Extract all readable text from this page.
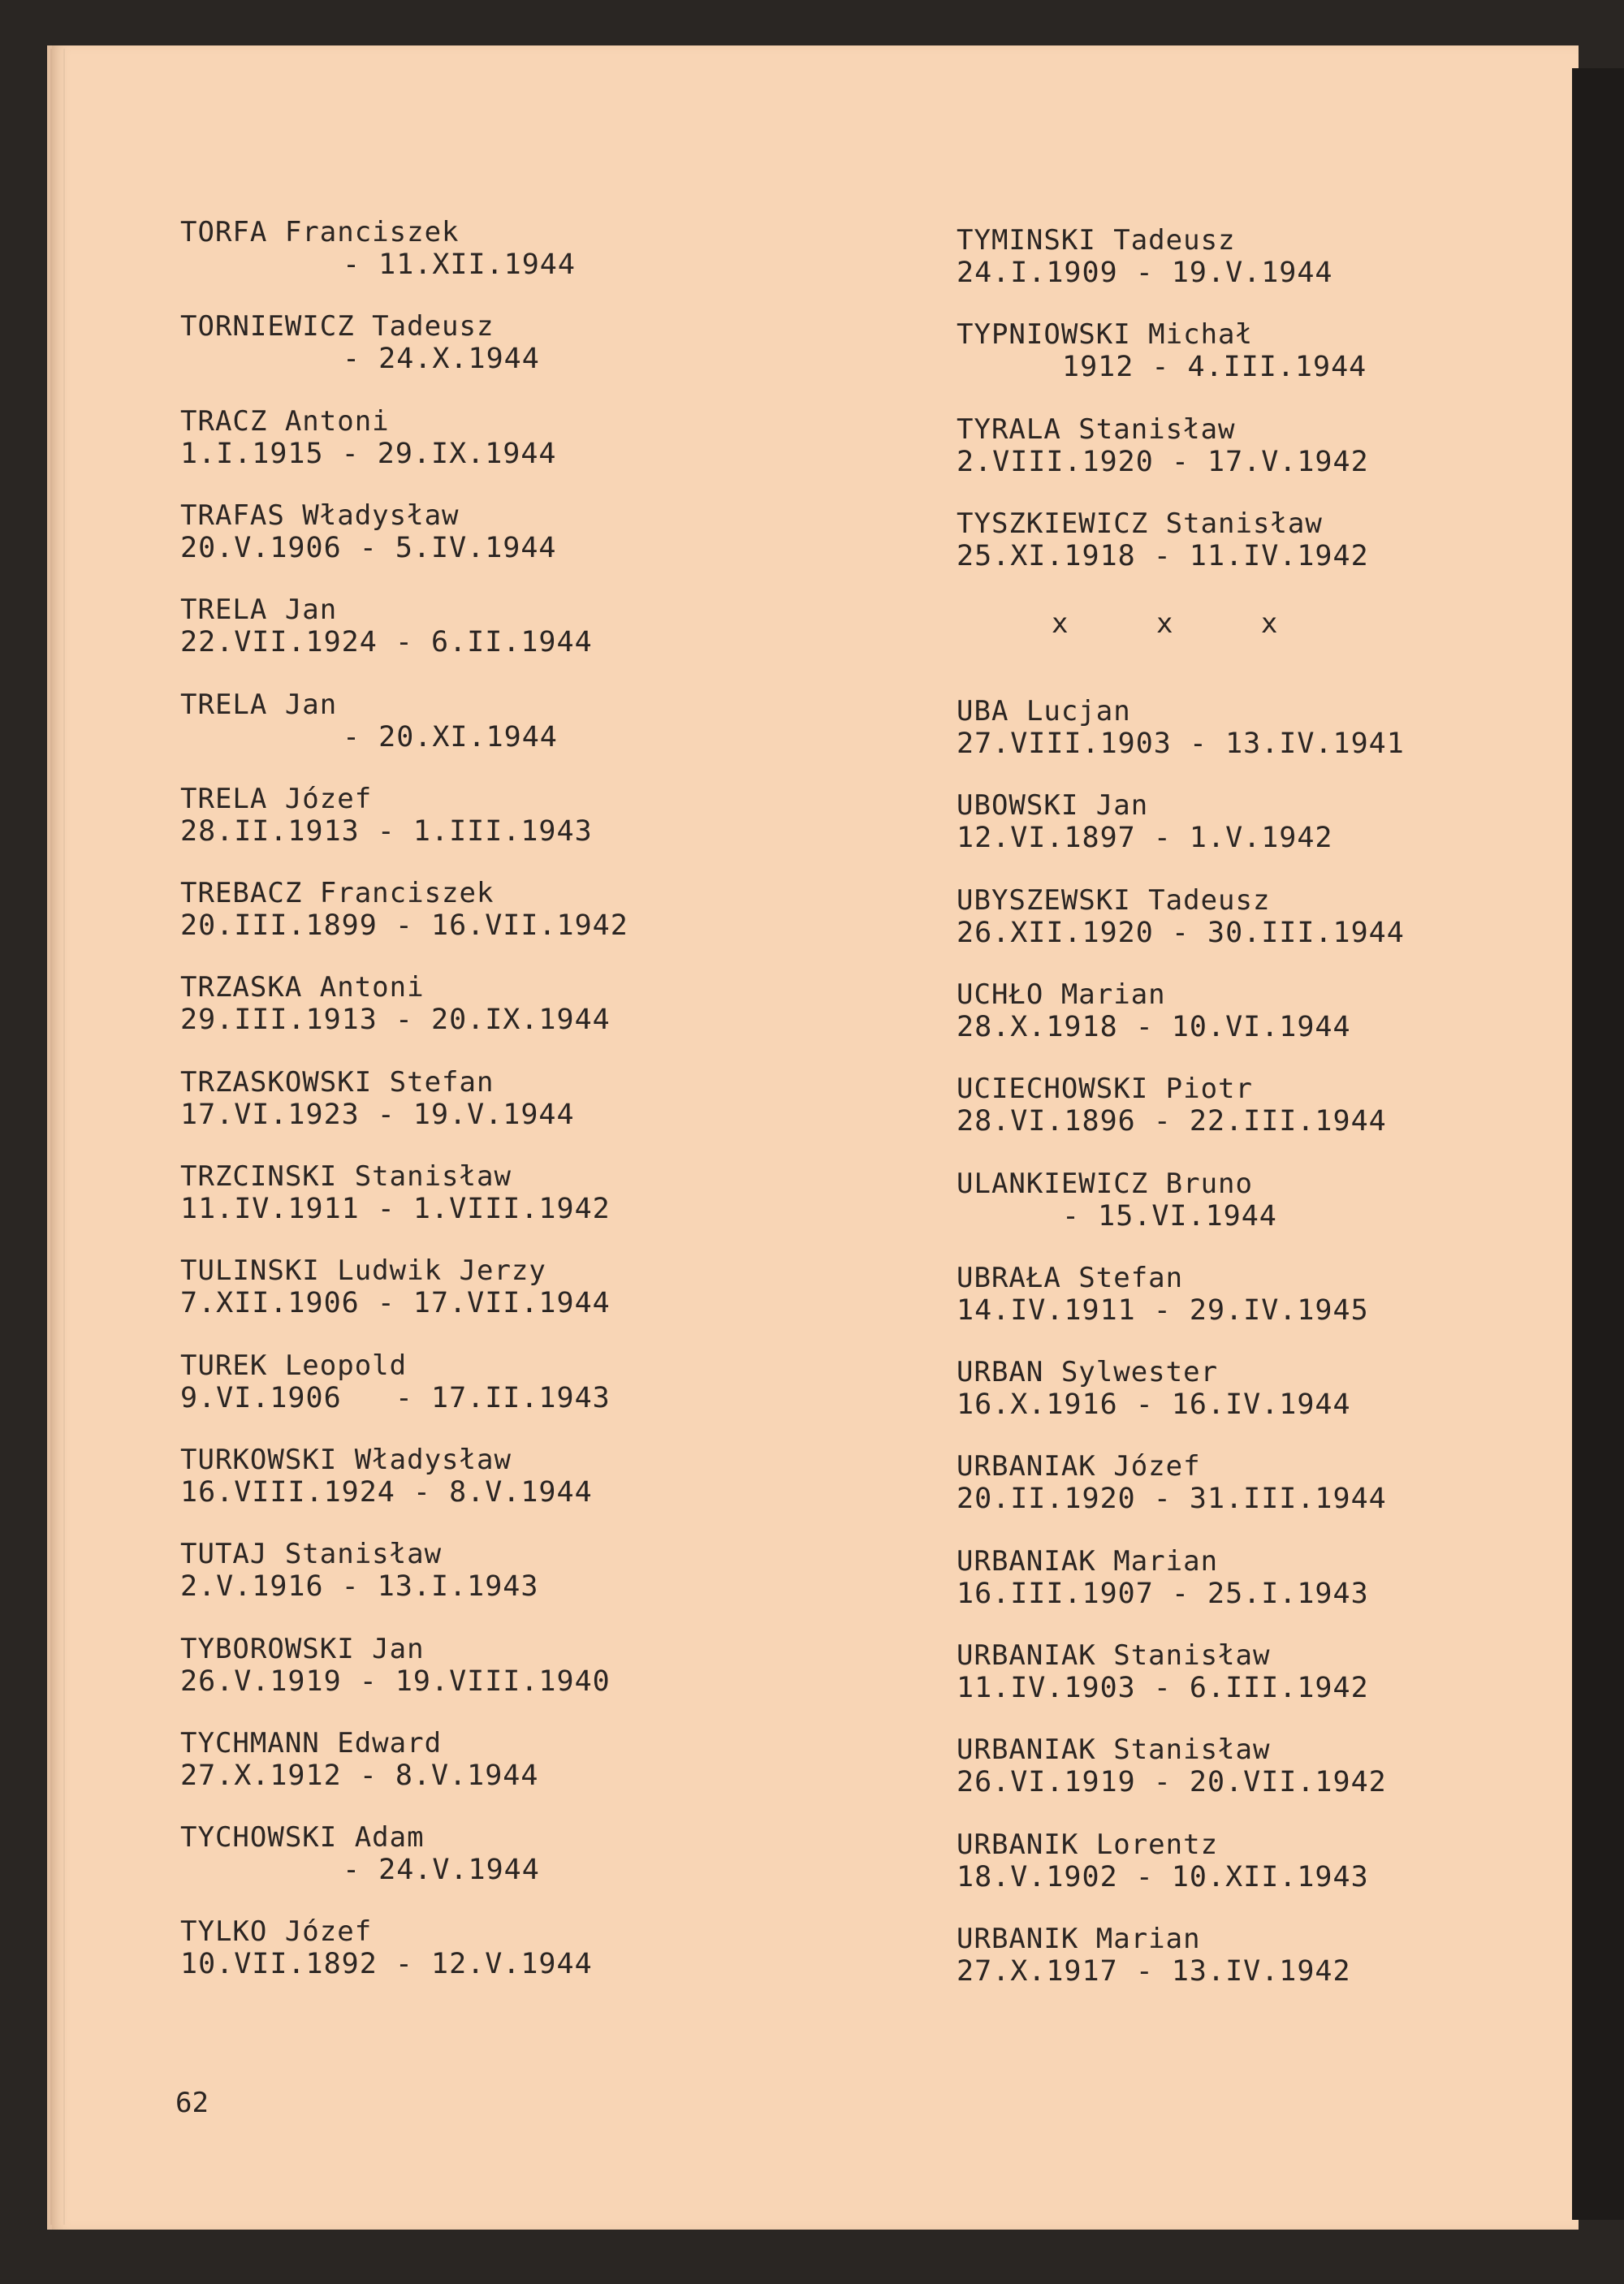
TORFA Franciszek
- 11.XII.1944
TORNIEWICZ Tadeusz
- 24.X.1944
TRACZ Antoni
1.I.1915 - 29.IX.1944
TRAFAS Władysław
20.V.1906 - 5.IV.1944
TRELA Jan
22.VII.1924 - 6.II.1944
TRELA Jan
- 20.XI.1944
TRELA Józef
28.II.1913 - 1.III.1943
TREBACZ Franciszek
20.III.1899 - 16.VII.1942
TRZASKA Antoni
29.III.1913 - 20.IX.1944
TRZASKOWSKI Stefan
17.VI.1923 - 19.V.1944
TRZCINSKI Stanisław
11.IV.1911 - 1.VIII.1942
TULINSKI Ludwik Jerzy
7.XII.1906 - 17.VII.1944
TUREK Leopold
9.VI.1906   - 17.II.1943
TURKOWSKI Władysław
16.VIII.1924 - 8.V.1944
TUTAJ Stanisław
2.V.1916 - 13.I.1943
TYBOROWSKI Jan
26.V.1919 - 19.VIII.1940
TYCHMANN Edward
27.X.1912 - 8.V.1944
TYCHOWSKI Adam
- 24.V.1944
TYLKO Józef
10.VII.1892 - 12.V.1944
TYMINSKI Tadeusz
24.I.1909 - 19.V.1944
TYPNIOWSKI Michał
1912 - 4.III.1944
TYRALA Stanisław
2.VIII.1920 - 17.V.1942
TYSZKIEWICZ Stanisław
25.XI.1918 - 11.IV.1942
UBA Lucjan
27.VIII.1903 - 13.IV.1941
UBOWSKI Jan
12.VI.1897 - 1.V.1942
UBYSZEWSKI Tadeusz
26.XII.1920 - 30.III.1944
UCHŁO Marian
28.X.1918 - 10.VI.1944
UCIECHOWSKI Piotr
28.VI.1896 - 22.III.1944
ULANKIEWICZ Bruno
- 15.VI.1944
UBRAŁA Stefan
14.IV.1911 - 29.IV.1945
URBAN Sylwester
16.X.1916 - 16.IV.1944
URBANIAK Józef
20.II.1920 - 31.III.1944
URBANIAK Marian
16.III.1907 - 25.I.1943
URBANIAK Stanisław
11.IV.1903 - 6.III.1942
URBANIAK Stanisław
26.VI.1919 - 20.VII.1942
URBANIK Lorentz
18.V.1902 - 10.XII.1943
URBANIK Marian
27.X.1917 - 13.IV.1942
x x x
62
